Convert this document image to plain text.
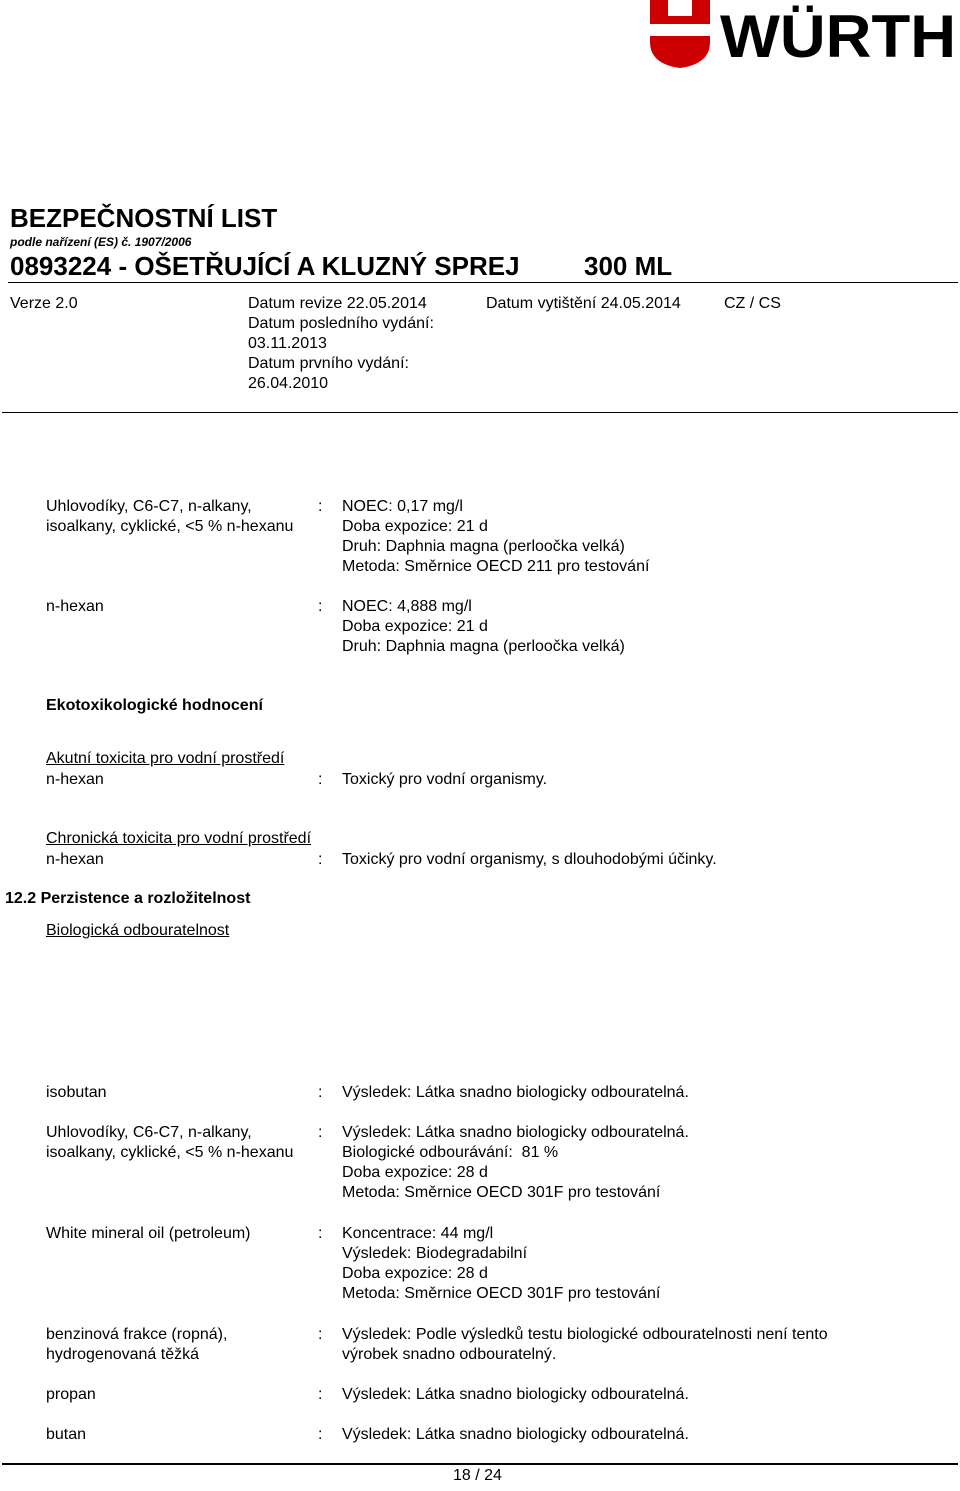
WÜRTH
BEZPEČNOSTNÍ LIST
podle nařízení (ES) č. 1907/2006
0893224 - OŠETŘUJÍCÍ A KLUZNÝ SPREJ 300 ML
Verze 2.0	Datum revize 22.05.2014
Datum posledního vydání:
03.11.2013
Datum prvního vydání:
26.04.2010
Datum vytištění 24.05.2014	CZ / CS
Uhlovodíky, C6-C7, n-alkany, isoalkany, cyklické, <5 % n-hexanu
: NOEC: 0,17 mg/l
Doba expozice: 21 d
Druh: Daphnia magna (perloočka velká)
Metoda: Směrnice OECD 211 pro testování
n-hexan	: NOEC: 4,888 mg/l
Doba expozice: 21 d
Druh: Daphnia magna (perloočka velká)
Ekotoxikologické hodnocení
Akutní toxicita pro vodní prostředí
n-hexan	: Toxický pro vodní organismy.
Chronická toxicita pro vodní prostředí
n-hexan	: Toxický pro vodní organismy, s dlouhodobými účinky.
12.2 Perzistence a rozložitelnost
Biologická odbouratelnost
isobutan	: Výsledek: Látka snadno biologicky odbouratelná.
Uhlovodíky, C6-C7, n-alkany, isoalkany, cyklické, <5 % n-hexanu
: Výsledek: Látka snadno biologicky odbouratelná.
Biologické odbourávání:  81 %
Doba expozice: 28 d
Metoda: Směrnice OECD 301F pro testování
White mineral oil (petroleum)	: Koncentrace: 44 mg/l
Výsledek: Biodegradabilní
Doba expozice: 28 d
Metoda: Směrnice OECD 301F pro testování
benzinová frakce (ropná), hydrogenovaná těžká
: Výsledek: Podle výsledků testu biologické odbouratelnosti není tento
výrobek snadno odbouratelný.
propan	: Výsledek: Látka snadno biologicky odbouratelná.
butan	: Výsledek: Látka snadno biologicky odbouratelná.
18 / 24
